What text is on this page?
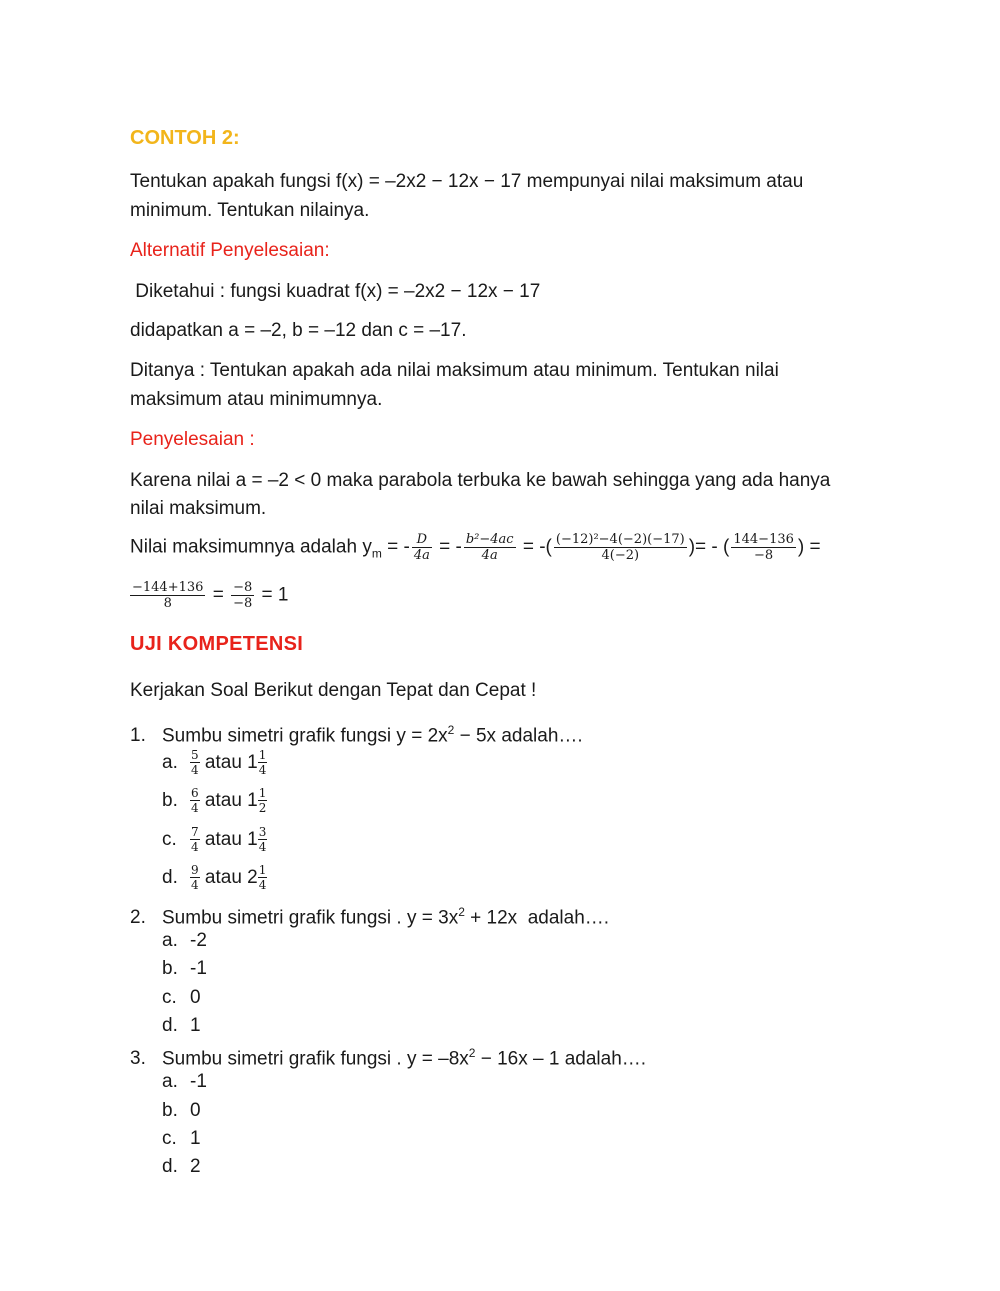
CONTOH 2:

Tentukan apakah fungsi f(x) = –2x2 − 12x − 17 mempunyai nilai maksimum atau

minimum. Tentukan nilainya.

Alternatif Penyelesaian:

Diketahui : fungsi kuadrat f(x) = –2x2 − 12x − 17

didapatkan a = –2, b = –12 dan c = –17.

Ditanya : Tentukan apakah ada nilai maksimum atau minimum. Tentukan nilai

maksimum atau minimumnya.

Penyelesaian :

Karena nilai a = –2 < 0 maka parabola terbuka ke bawah sehingga yang ada hanya

nilai maksimum.

Nilai maksimumnya adalah $y_m$ = - $\frac{D}{4a}$ = - $\frac{\text{b²−4ac}}{4a}$ = -( $\frac{\text{(−12)²−4(−2)(−17)}}{4(-2)}$ )= - ( $\frac{144-136}{-8}$ ) =
$\frac{-144+136}{8} = \frac{-8}{-8} = 1$
UJI KOMPETENSI

Kerjakan Soal Berikut dengan Tepat dan Cepat !

1. Sumbu simetri grafik fungsi $y = 2x^2 - 5x$ adalah….
a. $\frac{5}{4}$ atau $1 \frac{1}{4}$
b. $\frac{6}{4}$ atau $1 \frac{1}{2}$
c. $\frac{7}{4}$ atau $1 \frac{3}{4}$
d. $\frac{9}{4}$ atau $2 \frac{1}{4}$
2. Sumbu simetri grafik fungsi . $y = 3x^2 + 12x$  adalah….
a. -2
b. -1
c. 0
d. 1
3. Sumbu simetri grafik fungsi . $y = -8x^2 - 16x - 1$ adalah….
a. -1
b. 0
c. 1
d. 2
